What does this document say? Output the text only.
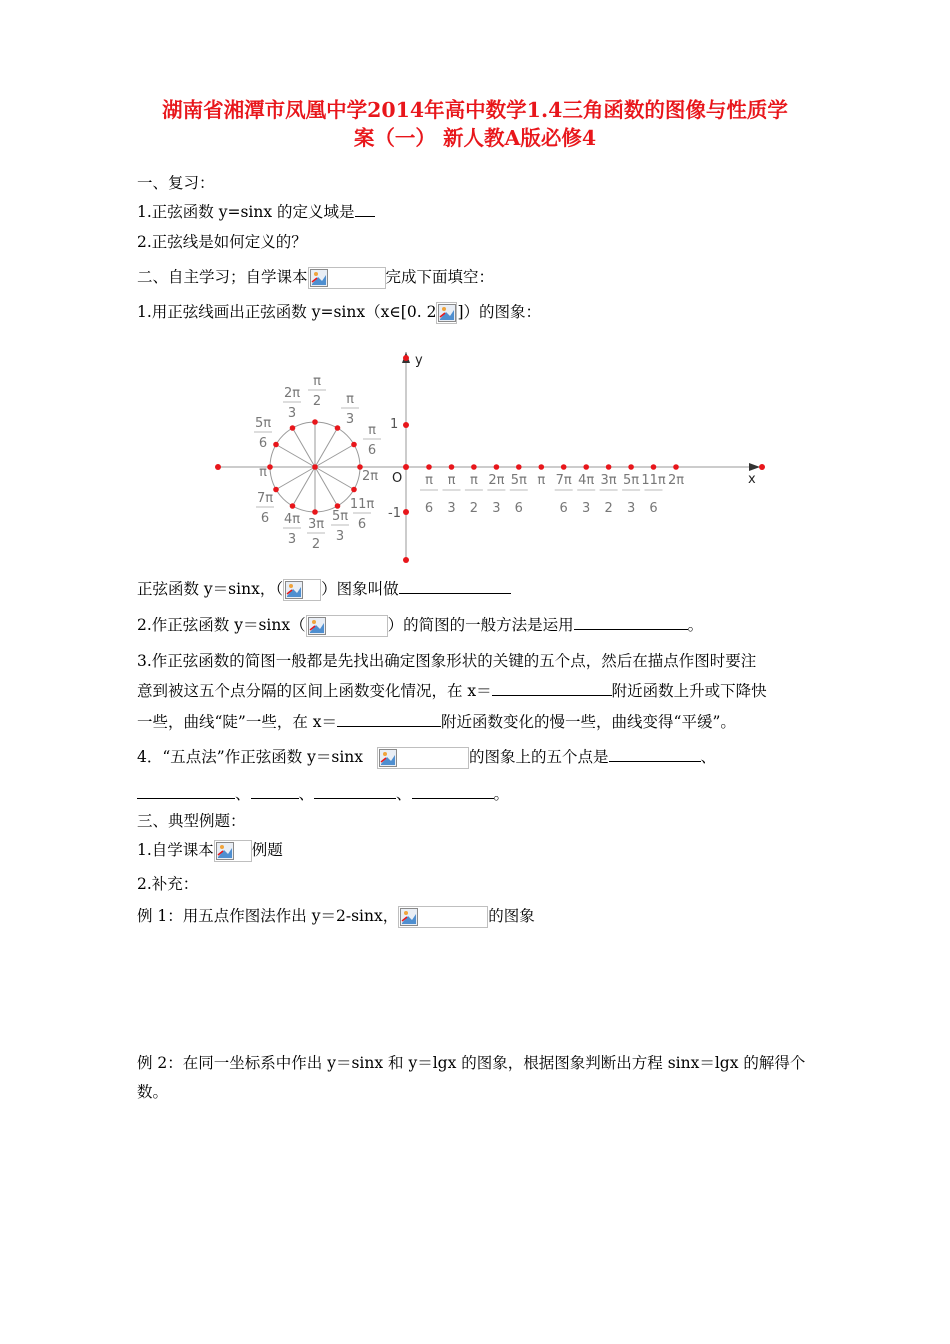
湖南省湘潭市凤凰中学2014年高中数学1.4三角函数的图像与性质学
案（一） 新人教A版必修4
一、复习：
1.正弦函数 y=sinx 的定义域是
2.正弦线是如何定义的？
二、自主学习；自学课本	完成下面填空：
1.用正弦线画出正弦函数 y=sinx（x∈[0. 2 ]）的图象：
y
x
O
1
-1
π
2
2π
3
π
3
5π
6
π
6
π	2π
7π
6
11π
6
4π
3
3π
2
5π
3
π
6
π
3
π
2
2π
3
5π
6
π 7π
6
4π
3
3π
2
5π
3
11π
6
2π
正弦函数 y＝sinx，（ ）图象叫做
2.作正弦函数 y＝sinx（	）的简图的一般方法是运用	。
3.作正弦函数的简图一般都是先找出确定图象形状的关键的五个点，然后在描点作图时要注
意到被这五个点分隔的区间上函数变化情况，在 x＝	附近函数上升或下降快
一些，曲线“陡”一些，在 x＝	附近函数变化的慢一些，曲线变得“平缓”。
4．“五点法”作正弦函数 y＝sinx	的图象上的五个点是	、
、	、	、	。
三、典型例题：
1.自学课本 例题
2.补充：
例 1：用五点作图法作出 y＝2-sinx，	的图象
例 2：在同一坐标系中作出 y＝sinx 和 y＝lgx 的图象，根据图象判断出方程 sinx＝lgx 的解得个数。
